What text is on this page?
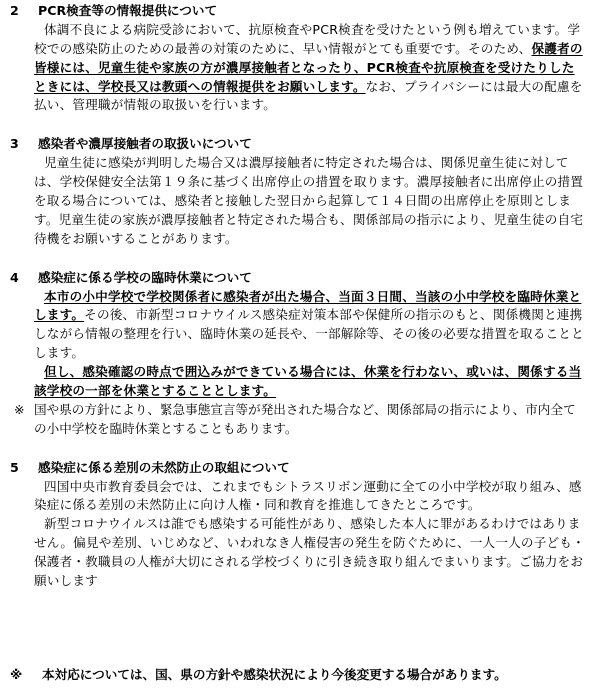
2 PCR検査等の情報提供について

体調不良による病院受診において、抗原検査やPCR検査を受けたという例も増えています。学校での感染防止のための最善の対策のために、早い情報がとても重要です。そのため、保護者の皆様には、児童生徒や家族の方が濃厚接触者となったり、PCR検査や抗原検査を受けたりしたときには、学校長又は教頭への情報提供をお願いします。なお、プライバシーには最大の配慮を払い、管理職が情報の取扱いを行います。

3 感染者や濃厚接触者の取扱いについて

児童生徒に感染が判明した場合又は濃厚接触者に特定された場合は、関係児童生徒に対しては、学校保健安全法第１９条に基づく出席停止の措置を取ります。濃厚接触者に出席停止の措置を取る場合については、感染者と接触した翌日から起算して１４日間の出席停止を原則とします。児童生徒の家族が濃厚接触者と特定された場合も、関係部局の指示により、児童生徒の自宅待機をお願いすることがあります。

4 感染症に係る学校の臨時休業について

本市の小中学校で学校関係者に感染者が出た場合、当面３日間、当該の小中学校を臨時休業とします。その後、市新型コロナウイルス感染症対策本部や保健所の指示のもと、関係機関と連携しながら情報の整理を行い、臨時休業の延長や、一部解除等、その後の必要な措置を取ることとします。

但し、感染確認の時点で囲込みができている場合には、休業を行わない、或いは、関係する当該学校の一部を休業とすることとします。

※ 国や県の方針により、緊急事態宣言等が発出された場合など、関係部局の指示により、市内全ての小中学校を臨時休業とすることもあります。

5 感染症に係る差別の未然防止の取組について

四国中央市教育委員会では、これまでもシトラスリボン運動に全ての小中学校が取り組み、感染症に係る差別の未然防止に向け人権・同和教育を推進してきたところです。

新型コロナウイルスは誰でも感染する可能性があり、感染した本人に罪があるわけではありません。偏見や差別、いじめなど、いわれなき人権侵害の発生を防ぐために、一人一人の子ども・保護者・教職員の人権が大切にされる学校づくりに引き続き取り組んでまいります。ご協力をお願いします

※ 本対応については、国、県の方針や感染状況により今後変更する場合があります。
